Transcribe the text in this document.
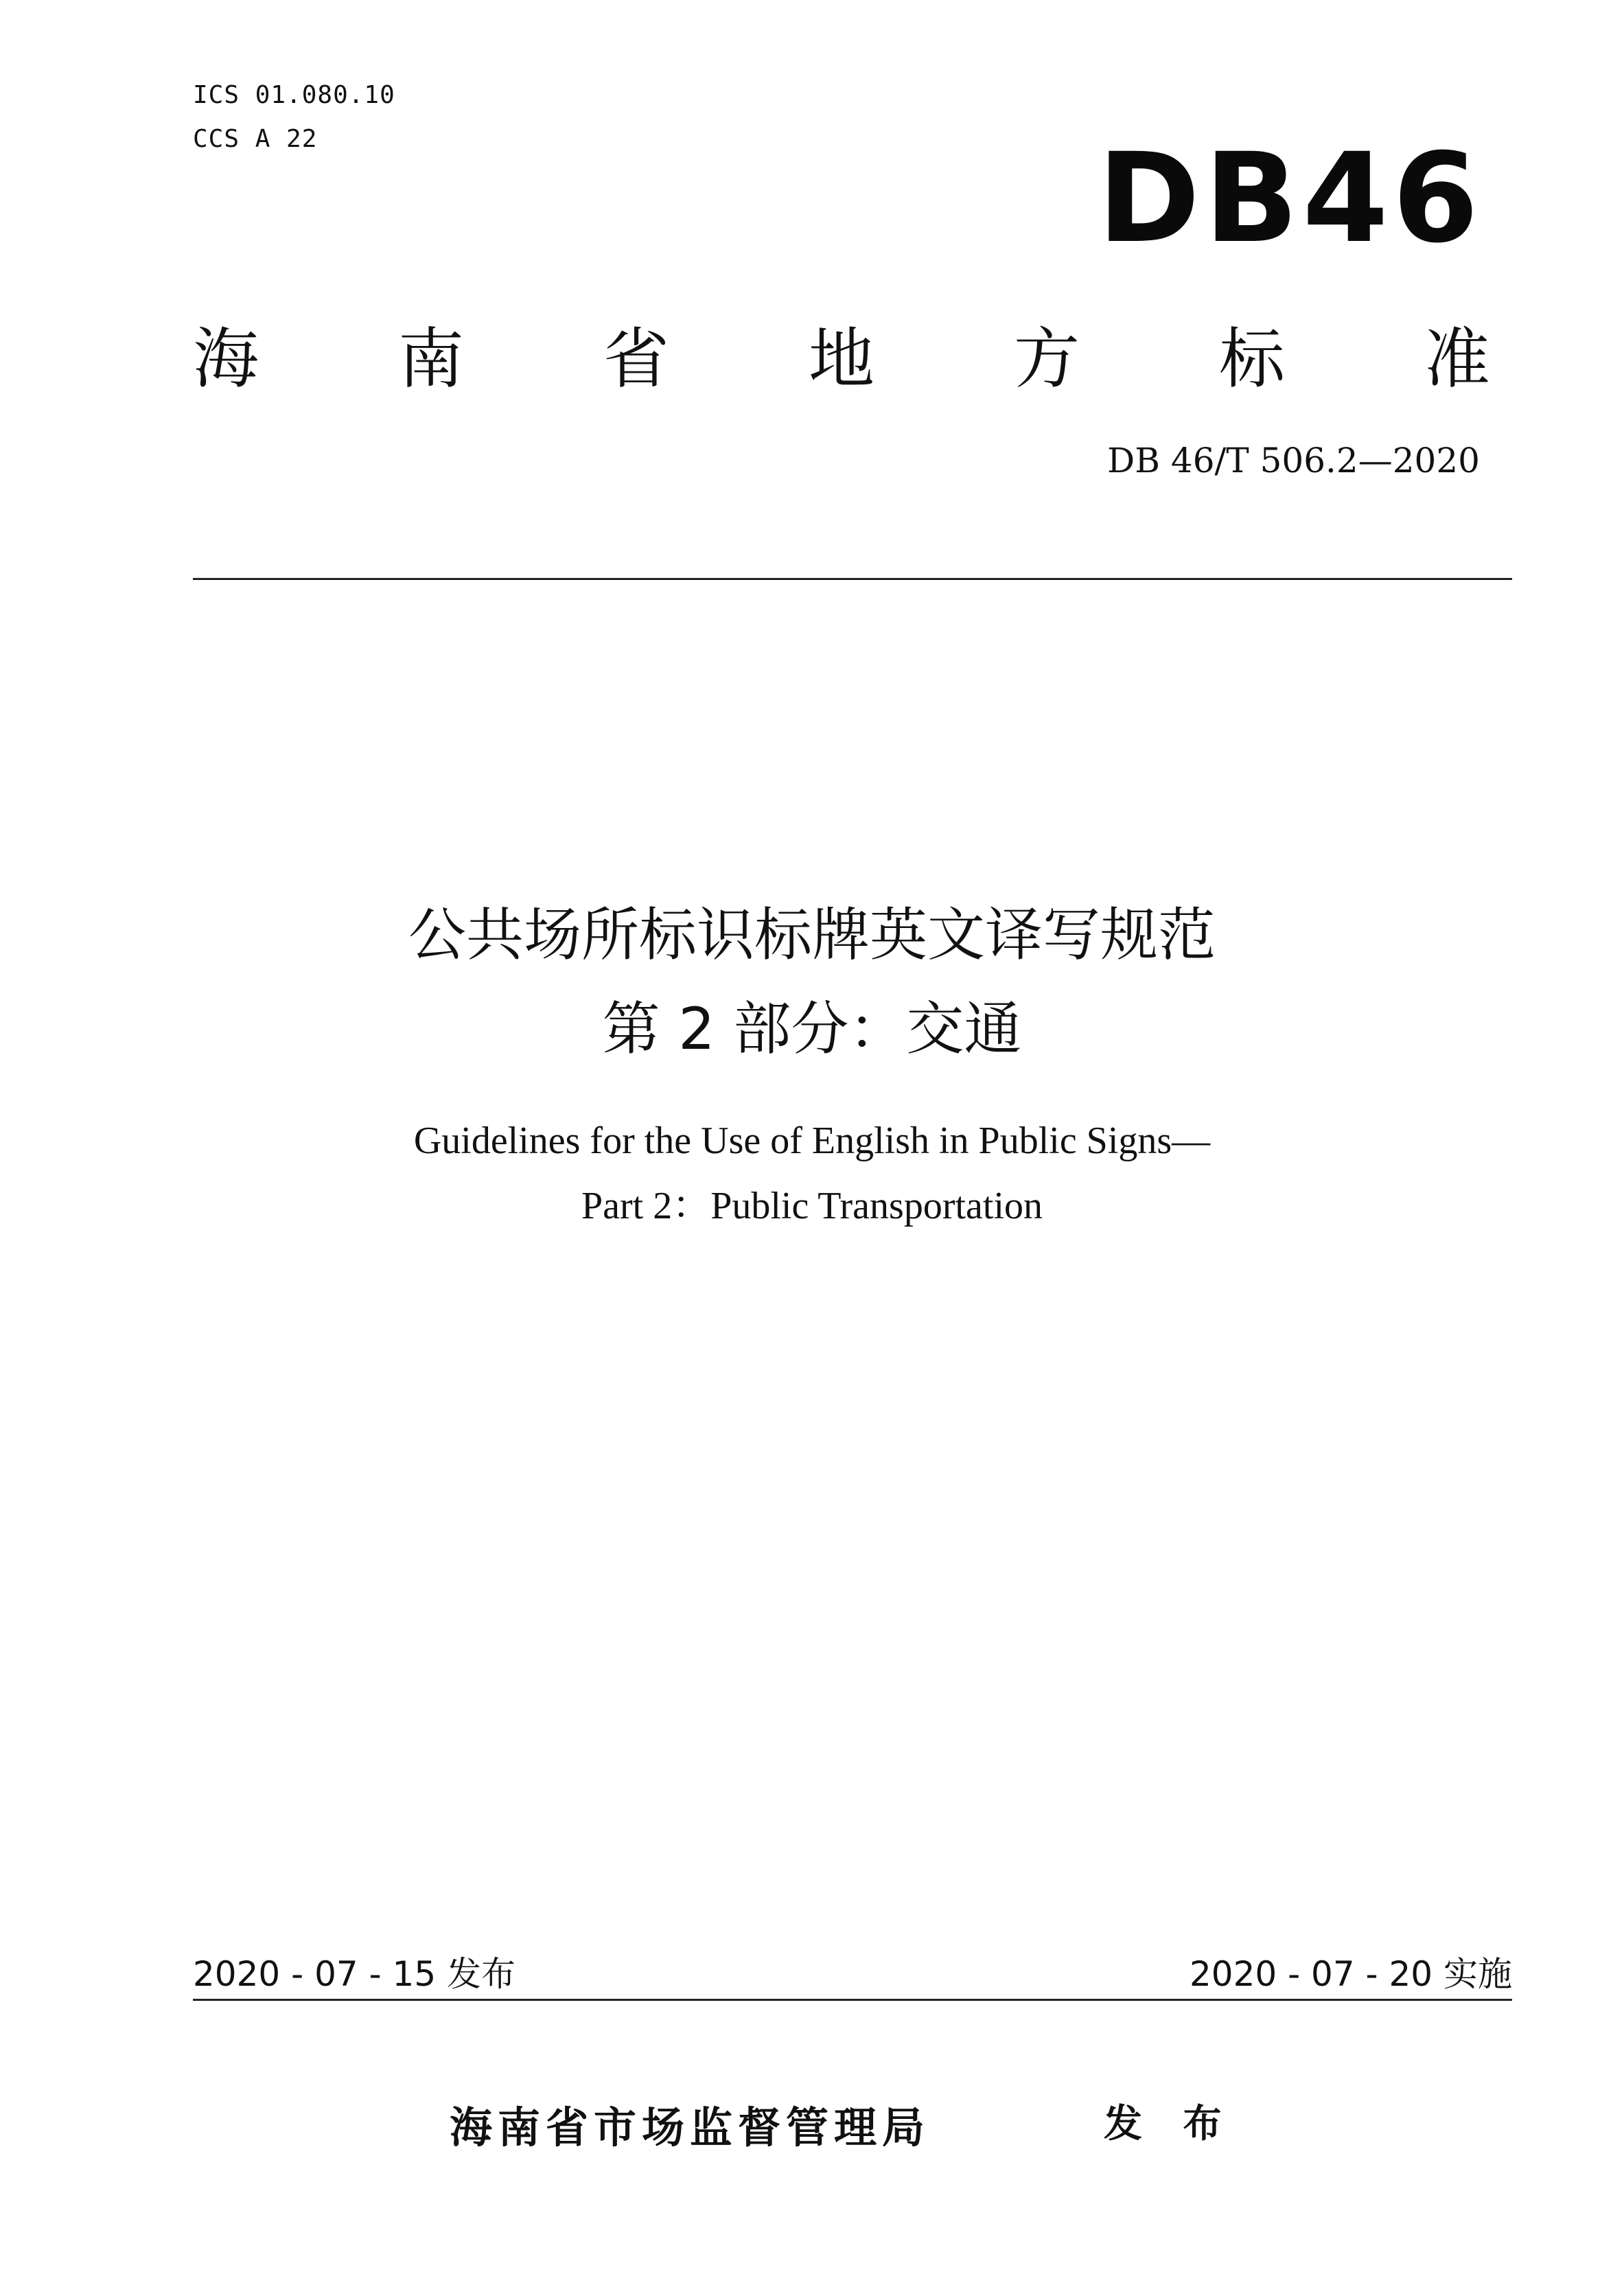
ICS 01.080.10
CCS A 22	DB46
海 南 省 地 方 标 准
DB 46/T 506.2—2020
公共场所标识标牌英文译写规范
第 2 部分：交通
Guidelines for the Use of English in Public Signs—
Part 2：Public Transportation
2020 - 07 - 15 发布	2020 - 07 - 20 实施
海南省市场监督管理局	发 布
